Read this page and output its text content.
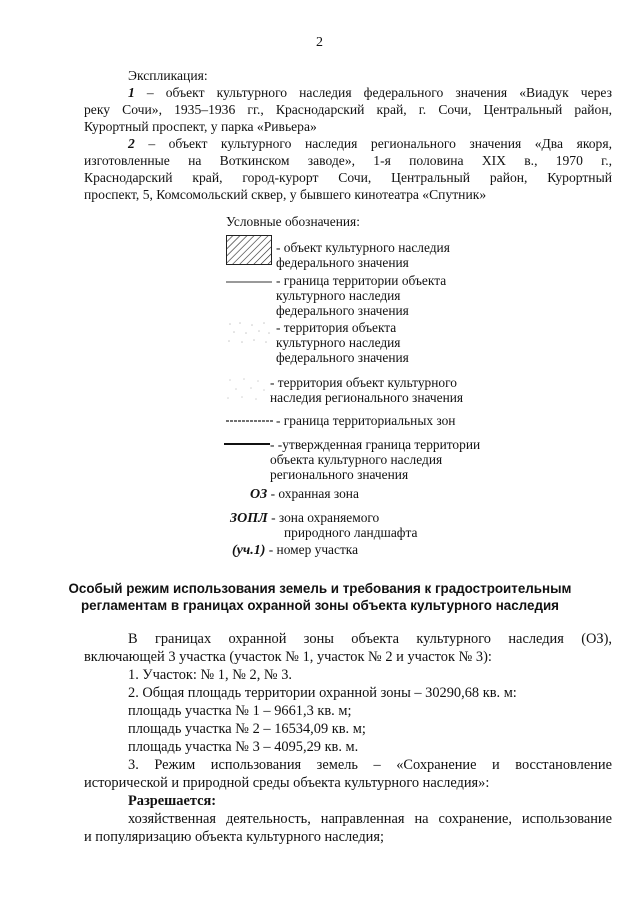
2
Экспликация:
1 – объект культурного наследия федерального значения «Виадук через
реку Сочи», 1935–1936 гг., Краснодарский край, г. Сочи, Центральный район,
Курортный проспект, у парка «Ривьера»
2 – объект культурного наследия регионального значения «Два якоря,
изготовленные на Воткинском заводе», 1-я половина XIX в., 1970 г.,
Краснодарский край, город-курорт Сочи, Центральный район, Курортный
проспект, 5, Комсомольский сквер, у бывшего кинотеатра «Спутник»
Условные обозначения:
- объект культурного наследия
федерального значения
- граница территории объекта
культурного наследия
федерального значения
- территория объекта
культурного наследия
федерального значения
- территория объект культурного
наследия регионального значения
- граница территориальных зон
- -утвержденная граница территории
объекта культурного наследия
регионального значения
ОЗ - охранная зона
ЗОПЛ - зона охраняемого
природного ландшафта
(уч.1) - номер участка
Особый режим использования земель и требования к градостроительным
регламентам в границах охранной зоны объекта культурного наследия
В границах охранной зоны объекта культурного наследия (ОЗ),
включающей 3 участка (участок № 1, участок № 2 и участок № 3):
1. Участок: № 1, № 2, № 3.
2. Общая площадь территории охранной зоны – 30290,68 кв. м:
площадь участка № 1 – 9661,3 кв. м;
площадь участка № 2 – 16534,09 кв. м;
площадь участка № 3 – 4095,29 кв. м.
3. Режим использования земель – «Сохранение и восстановление
исторической и природной среды объекта культурного наследия»:
Разрешается:
хозяйственная деятельность, направленная на сохранение, использование
и популяризацию объекта культурного наследия;
